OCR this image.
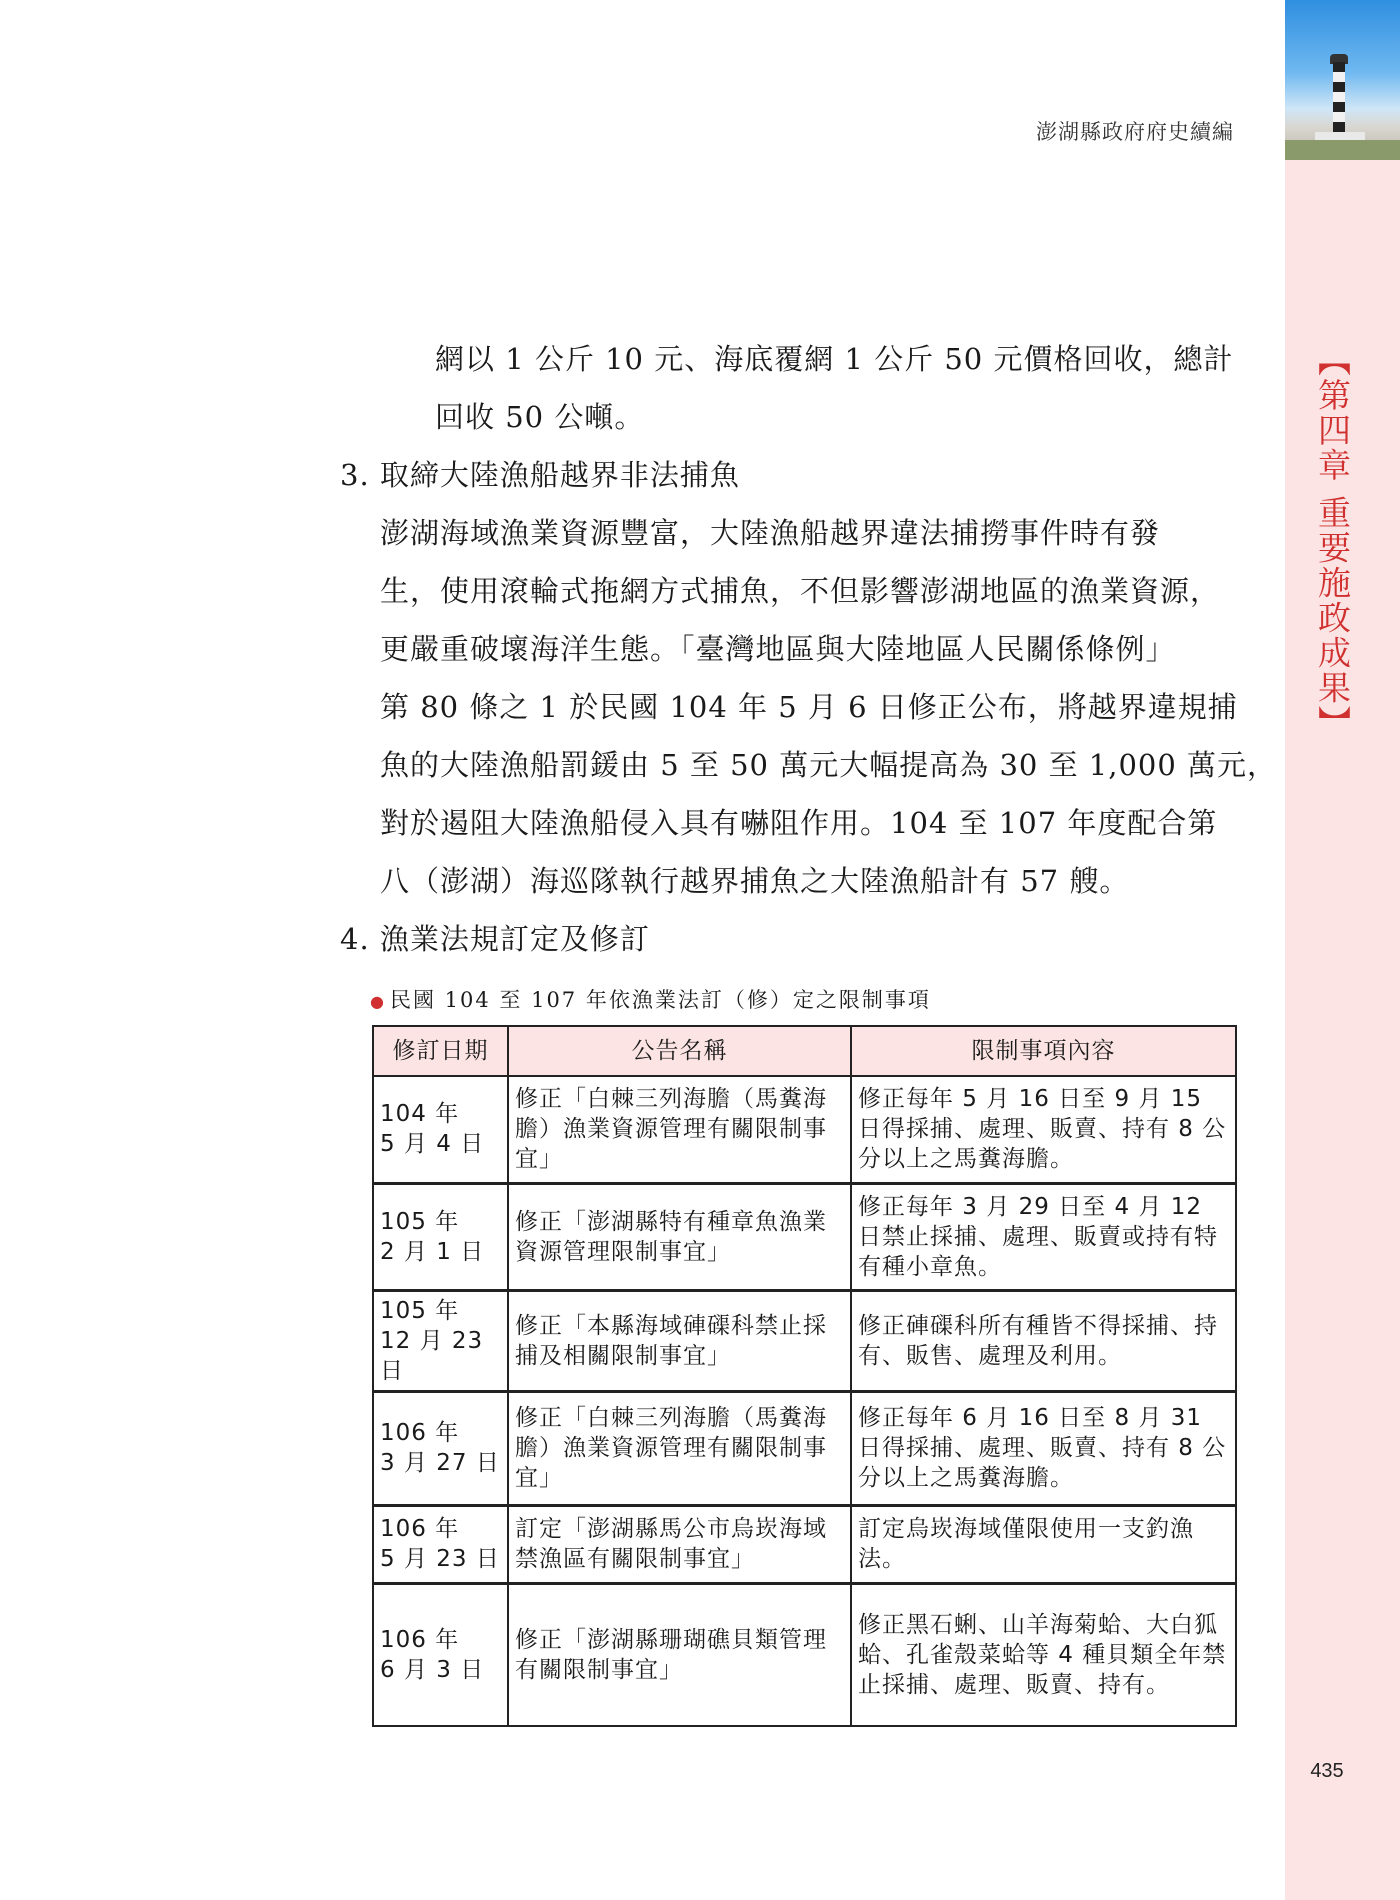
【第四章 重要施政成果】
435
澎湖縣政府府史續編
網以 1 公斤 10 元、海底覆網 1 公斤 50 元價格回收，總計
回收 50 公噸。
3. 取締大陸漁船越界非法捕魚
澎湖海域漁業資源豐富，大陸漁船越界違法捕撈事件時有發
生，使用滾輪式拖網方式捕魚，不但影響澎湖地區的漁業資源，
更嚴重破壞海洋生態。「臺灣地區與大陸地區人民關係條例」
第 80 條之 1 於民國 104 年 5 月 6 日修正公布，將越界違規捕
魚的大陸漁船罰鍰由 5 至 50 萬元大幅提高為 30 至 1,000 萬元，
對於遏阻大陸漁船侵入具有嚇阻作用。104 至 107 年度配合第
八（澎湖）海巡隊執行越界捕魚之大陸漁船計有 57 艘。
4. 漁業法規訂定及修訂
● 民國 104 至 107 年依漁業法訂（修）定之限制事項
修訂日期	公告名稱	限制事項內容

104 年
5 月 4 日	修正「白棘三列海膽（馬糞海膽）漁業資源管理有關限制事宜」	修正每年 5 月 16 日至 9 月 15 日得採捕、處理、販賣、持有 8 公分以上之馬糞海膽。

105 年
2 月 1 日	修正「澎湖縣特有種章魚漁業資源管理限制事宜」	修正每年 3 月 29 日至 4 月 12 日禁止採捕、處理、販賣或持有特有種小章魚。

105 年
12 月 23 日	修正「本縣海域硨磲科禁止採捕及相關限制事宜」	修正硨磲科所有種皆不得採捕、持有、販售、處理及利用。

106 年
3 月 27 日	修正「白棘三列海膽（馬糞海膽）漁業資源管理有關限制事宜」	修正每年 6 月 16 日至 8 月 31 日得採捕、處理、販賣、持有 8 公分以上之馬糞海膽。

106 年
5 月 23 日	訂定「澎湖縣馬公市烏崁海域禁漁區有關限制事宜」	訂定烏崁海域僅限使用一支釣漁法。

106 年
6 月 3 日	修正「澎湖縣珊瑚礁貝類管理有關限制事宜」	修正黑石蜊、山羊海菊蛤、大白狐蛤、孔雀殼菜蛤等 4 種貝類全年禁止採捕、處理、販賣、持有。
